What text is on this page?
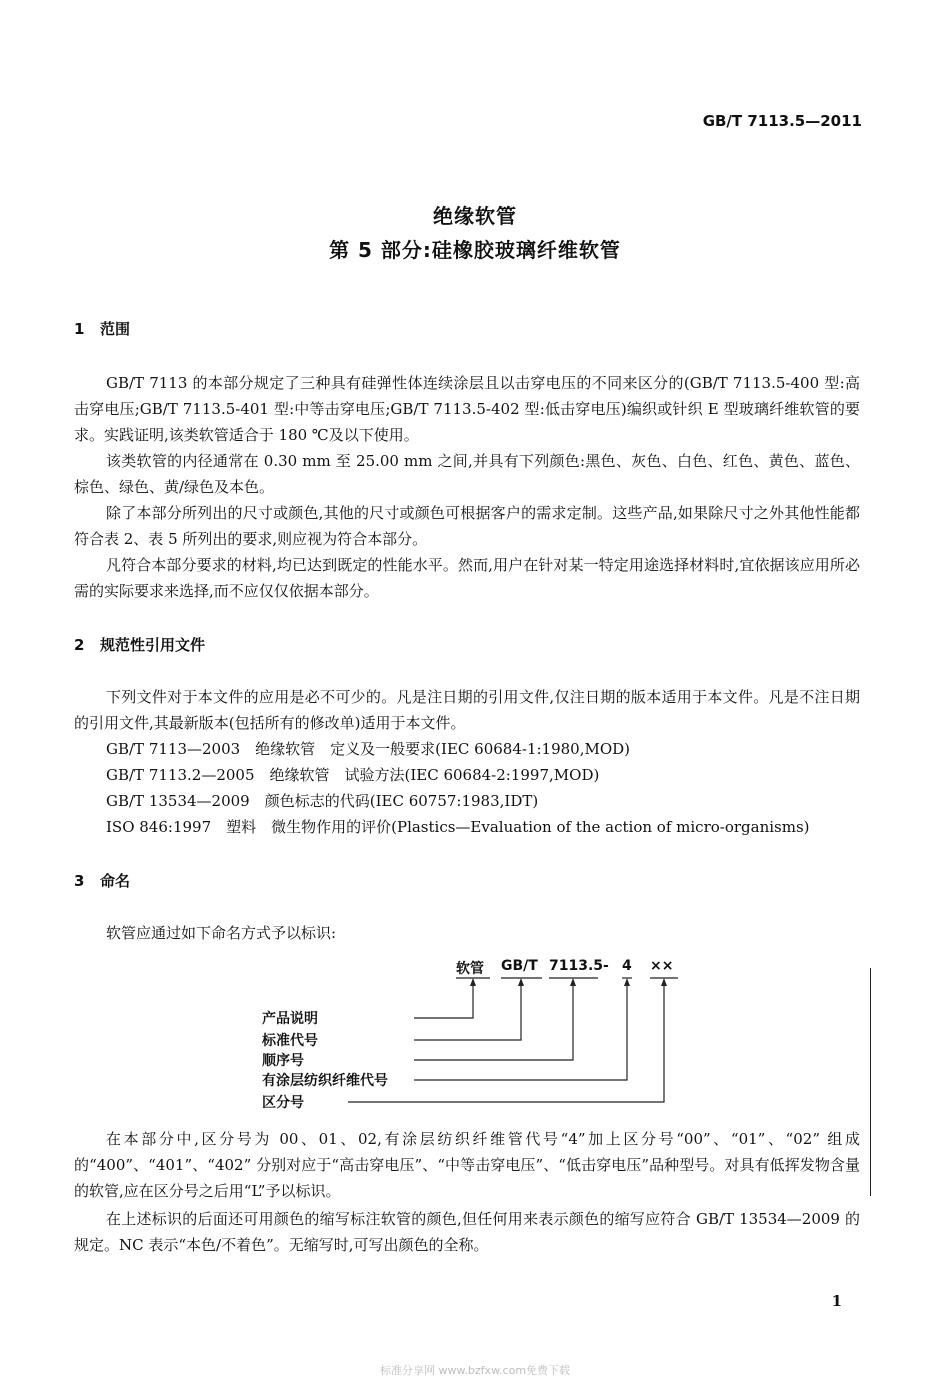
GB/T 7113.5—2011
绝缘软管
第 5 部分:硅橡胶玻璃纤维软管
1 范围
GB/T 7113 的本部分规定了三种具有硅弹性体连续涂层且以击穿电压的不同来区分的(GB/T 7113.5-400 型:高击穿电压;GB/T 7113.5-401 型:中等击穿电压;GB/T 7113.5-402 型:低击穿电压)编织或针织 E 型玻璃纤维软管的要求。实践证明,该类软管适合于 180 ℃及以下使用。
该类软管的内径通常在 0.30 mm 至 25.00 mm 之间,并具有下列颜色:黑色、灰色、白色、红色、黄色、蓝色、棕色、绿色、黄/绿色及本色。
除了本部分所列出的尺寸或颜色,其他的尺寸或颜色可根据客户的需求定制。这些产品,如果除尺寸之外其他性能都符合表 2、表 5 所列出的要求,则应视为符合本部分。
凡符合本部分要求的材料,均已达到既定的性能水平。然而,用户在针对某一特定用途选择材料时,宜依据该应用所必需的实际要求来选择,而不应仅仅依据本部分。
2 规范性引用文件
下列文件对于本文件的应用是必不可少的。凡是注日期的引用文件,仅注日期的版本适用于本文件。凡是不注日期的引用文件,其最新版本(包括所有的修改单)适用于本文件。
GB/T 7113—2003　绝缘软管　定义及一般要求(IEC 60684-1:1980,MOD)
GB/T 7113.2—2005　绝缘软管　试验方法(IEC 60684-2:1997,MOD)
GB/T 13534—2009　颜色标志的代码(IEC 60757:1983,IDT)
ISO 846:1997　塑料　微生物作用的评价(Plastics—Evaluation of the action of micro-organisms)
3 命名
软管应通过如下命名方式予以标识:
软管 GB/T 7113.5 - 4 ××
产品说明
标准代号
顺序号
有涂层纺织纤维代号
区分号
在本部分中,区分号为 00、01、02,有涂层纺织纤维管代号“4”加上区分号“00”、“01”、“02” 组成的“400”、“401”、“402” 分别对应于“高击穿电压”、“中等击穿电压”、“低击穿电压”品种型号。对具有低挥发物含量的软管,应在区分号之后用“L”予以标识。
在上述标识的后面还可用颜色的缩写标注软管的颜色,但任何用来表示颜色的缩写应符合 GB/T 13534—2009 的规定。NC 表示“本色/不着色”。无缩写时,可写出颜色的全称。
1
标准分享网 www.bzfxw.com免费下载
